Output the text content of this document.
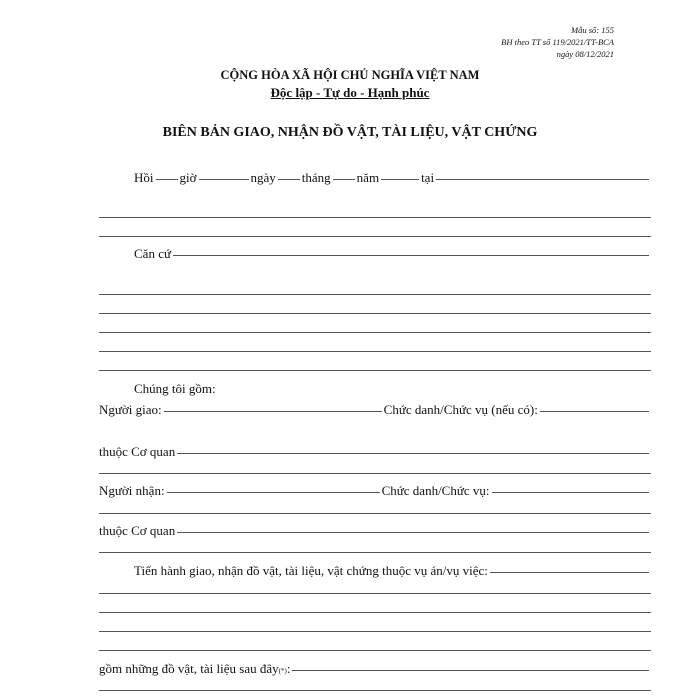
Mẫu số: 155
BH theo TT số 119/2021/TT-BCA
ngày 08/12/2021
CỘNG HÒA XÃ HỘI CHỦ NGHĨA VIỆT NAM
Độc lập - Tự do - Hạnh phúc
BIÊN BẢN GIAO, NHẬN ĐỒ VẬT, TÀI LIỆU, VẬT CHỨNG
Hồi giờ	ngày tháng năm	tại
Căn cứ
Chúng tôi gồm:
Người giao:	Chức danh/Chức vụ (nếu có):
thuộc Cơ quan
Người nhận:	Chức danh/Chức vụ:
thuộc Cơ quan
Tiến hành giao, nhận đồ vật, tài liệu, vật chứng thuộc vụ án/vụ việc:
gồm những đồ vật, tài liệu sau đây (*) :
